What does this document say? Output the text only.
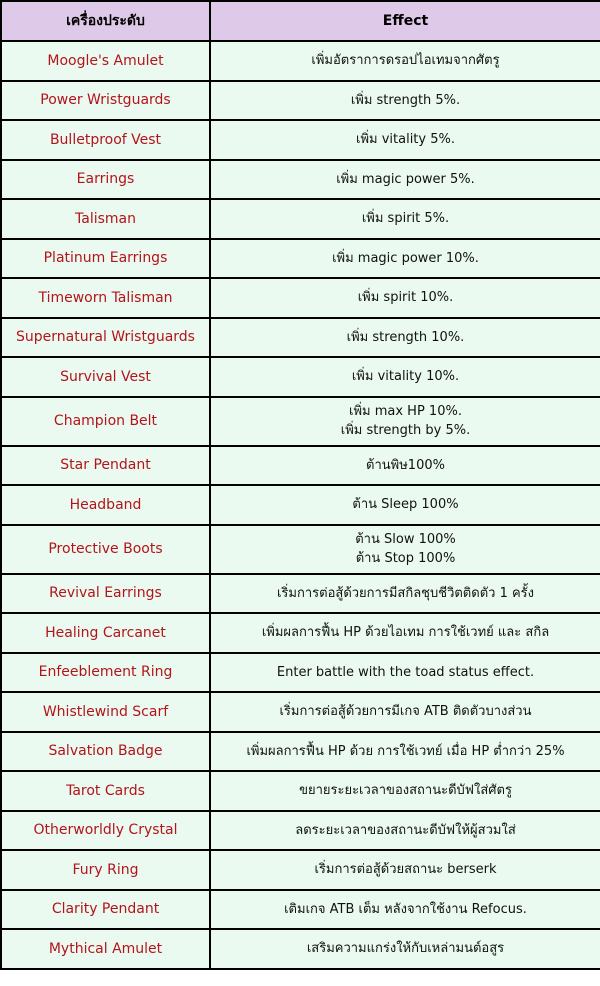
เครื่องประดับ	Effect
Moogle's Amulet	เพิ่มอัตราการดรอปไอเทมจากศัตรู

Power Wristguards	เพิ่ม strength 5%.

Bulletproof Vest	เพิ่ม vitality 5%.

Earrings	เพิ่ม magic power 5%.

Talisman	เพิ่ม spirit 5%.

Platinum Earrings	เพิ่ม magic power 10%.

Timeworn Talisman	เพิ่ม spirit 10%.

Supernatural Wristguards	เพิ่ม strength 10%.

Survival Vest	เพิ่ม vitality 10%.

Champion Belt	เพิ่ม max HP 10%.
เพิ่ม strength by 5%.

Star Pendant	ต้านพิษ100%

Headband	ต้าน Sleep 100%

Protective Boots	ต้าน Slow 100%
ต้าน Stop 100%

Revival Earrings	เริ่มการต่อสู้ด้วยการมีสกิลชุบชีวิตติดตัว 1 ครั้ง

Healing Carcanet	เพิ่มผลการฟื้น HP ด้วยไอเทม การใช้เวทย์ และ สกิล

Enfeeblement Ring	Enter battle with the toad status effect.

Whistlewind Scarf	เริ่มการต่อสู้ด้วยการมีเกจ ATB ติดตัวบางส่วน

Salvation Badge	เพิ่มผลการฟื้น HP ด้วย การใช้เวทย์ เมื่อ HP ต่ำกว่า 25%

Tarot Cards	ขยายระยะเวลาของสถานะดีบัฟใส่ศัตรู

Otherworldly Crystal	ลดระยะเวลาของสถานะดีบัฟให้ผู้สวมใส่

Fury Ring	เริ่มการต่อสู้ด้วยสถานะ berserk

Clarity Pendant	เติมเกจ ATB เต็ม หลังจากใช้งาน Refocus.

Mythical Amulet	เสริมความแกร่งให้กับเหล่ามนต์อสูร
